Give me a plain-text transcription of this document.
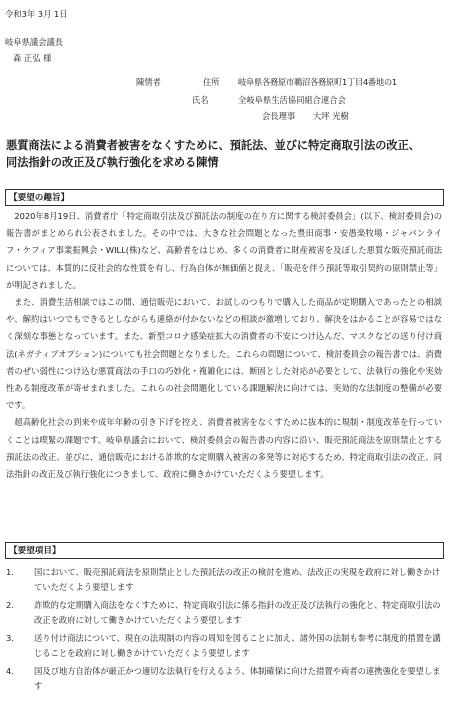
令和3年 3月 1日
岐阜県議会議長
森 正弘 様
陳情者	住所 岐阜県各務原市鵜沼各務原町1丁目4番地の1
氏名	全岐阜県生活協同組合連合会
会長理事 大坪 光樹
悪質商法による消費者被害をなくすために、預託法、並びに特定商取引法の改正、
同法指針の改正及び執行強化を求める陳情
【要望の趣旨】

　2020年8月19日、消費者庁「特定商取引法及び預託法の制度の在り方に関する検討委員会」(以下、検討委員会)の報告書がまとめられ公表されました。その中では、大きな社会問題となった豊田商事・安愚楽牧場・ジャパンライフ・ケフィア事業振興会・WILL(株)など、高齢者をはじめ、多くの消費者に財産被害を及ぼした悪質な販売預託商法については、本質的に反社会的な性質を有し、行為自体が無価値と捉え、「販売を伴う預託等取引契約の原則禁止等」が明記されました。

　また、消費生活相談ではこの間、通信販売において、お試しのつもりで購入した商品が定期購入であったとの相談や、解約はいつでもできるとしながらも連絡が付かないなどの相談が激増しており、解決をはかることが容易ではなく深刻な事態となっています。また、新型コロナ感染症拡大の消費者の不安につけ込んだ、マスクなどの送り付け商法(ネガティブオプション)についても社会問題となりました。これらの問題について、検討委員会の報告書では、消費者のぜい弱性につけ込む悪質商法の手口の巧妙化・複雑化には、断固とした対応が必要として、法執行の強化や実効性ある制度改革が寄せまれました。これらの社会問題化している課題解決に向けては、実効的な法制度の整備が必要です。

　超高齢化社会の到来や成年年齢の引き下げを控え、消費者被害をなくすために抜本的に規制・制度改革を行っていくことは喫緊の課題です。岐阜県議会において、検討委員会の報告書の内容に沿い、販売預託商法を原則禁止とする預託法の改正、並びに、通信販売における詐欺的な定期購入被害の多発等に対応するため、特定商取引法の改正、同法指針の改正及び執行強化につきまして、政府に働きかけていただくよう要望します。

【要望項目】
1.	国において、販売預託商法を原則禁止とした預託法の改正の検討を進め、法改正の実現を政府に対し働きかけていただくよう要望します
2.	詐欺的な定期購入商法をなくすために、特定商取引法に係る指針の改正及び法執行の強化と、特定商取引法の改正を政府に対して働きかけていただくよう要望します
3.	送り付け商法について、現在の法規制の内容の周知を図ることに加え、諸外国の法制も参考に制度的措置を講じることを政府に対し働きかけていただくよう要望します
4.	国及び地方自治体が厳正かつ適切な法執行を行えるよう、体制確保に向けた措置や両者の連携強化を要望します
